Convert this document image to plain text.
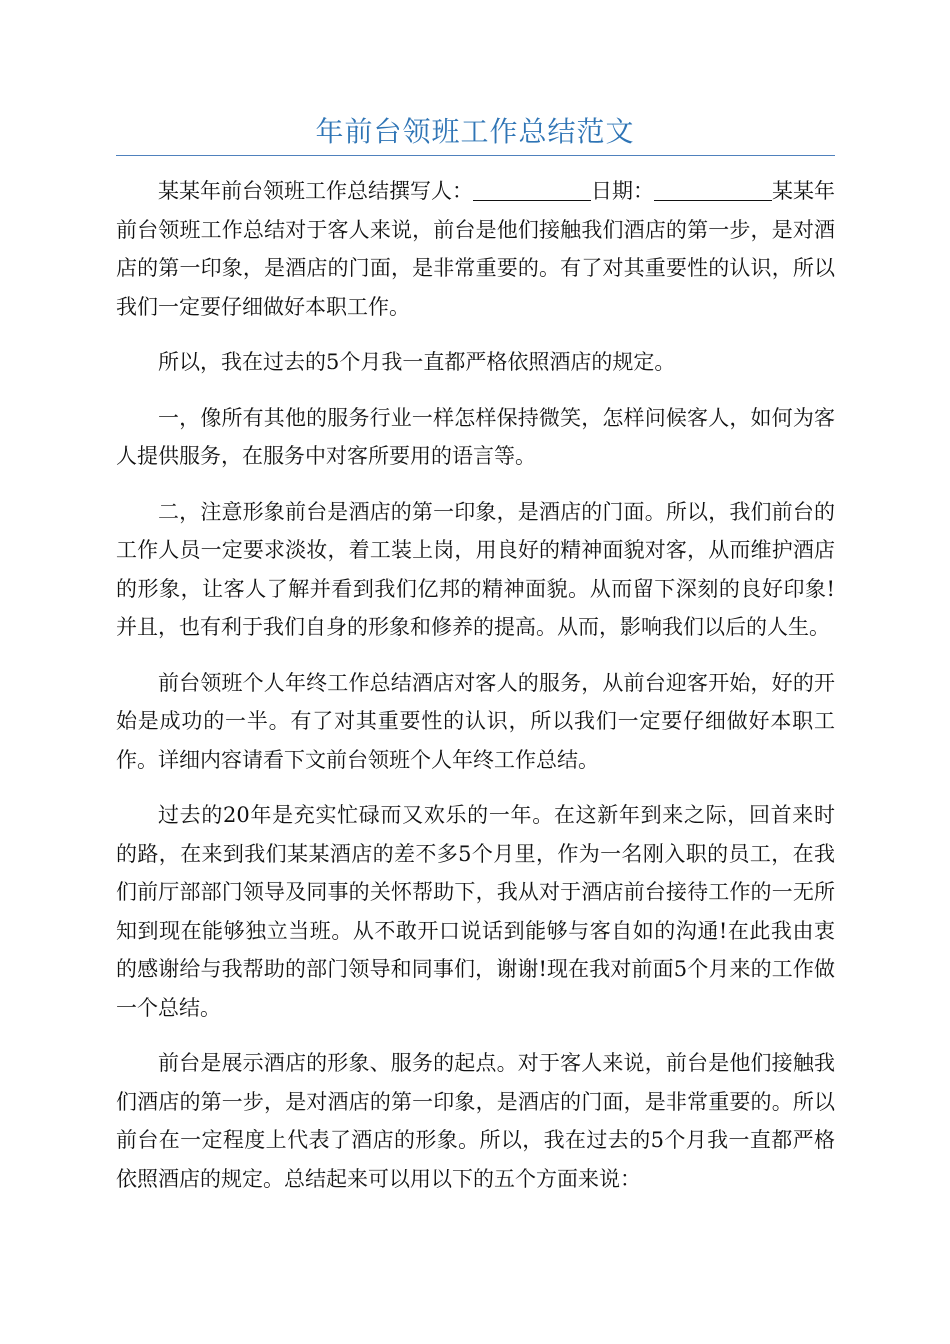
年前台领班工作总结范文

某某年前台领班工作总结撰写人：	日期：	某某年前台领班工作总结对于客人来说，前台是他们接触我们酒店的第一步，是对酒店的第一印象，是酒店的门面，是非常重要的。有了对其重要性的认识，所以我们一定要仔细做好本职工作。

所以，我在过去的5个月我一直都严格依照酒店的规定。

一，像所有其他的服务行业一样怎样保持微笑，怎样问候客人，如何为客人提供服务，在服务中对客所要用的语言等。

二，注意形象前台是酒店的第一印象，是酒店的门面。所以，我们前台的工作人员一定要求淡妆，着工装上岗，用良好的精神面貌对客，从而维护酒店的形象，让客人了解并看到我们亿邦的精神面貌。从而留下深刻的良好印象!并且，也有利于我们自身的形象和修养的提高。从而，影响我们以后的人生。

前台领班个人年终工作总结酒店对客人的服务，从前台迎客开始，好的开始是成功的一半。有了对其重要性的认识，所以我们一定要仔细做好本职工作。详细内容请看下文前台领班个人年终工作总结。

过去的20年是充实忙碌而又欢乐的一年。在这新年到来之际，回首来时的路，在来到我们某某酒店的差不多5个月里，作为一名刚入职的员工，在我们前厅部部门领导及同事的关怀帮助下，我从对于酒店前台接待工作的一无所知到现在能够独立当班。从不敢开口说话到能够与客自如的沟通!在此我由衷的感谢给与我帮助的部门领导和同事们，谢谢!现在我对前面5个月来的工作做一个总结。

前台是展示酒店的形象、服务的起点。对于客人来说，前台是他们接触我们酒店的第一步，是对酒店的第一印象，是酒店的门面，是非常重要的。所以前台在一定程度上代表了酒店的形象。所以，我在过去的5个月我一直都严格依照酒店的规定。总结起来可以用以下的五个方面来说：
